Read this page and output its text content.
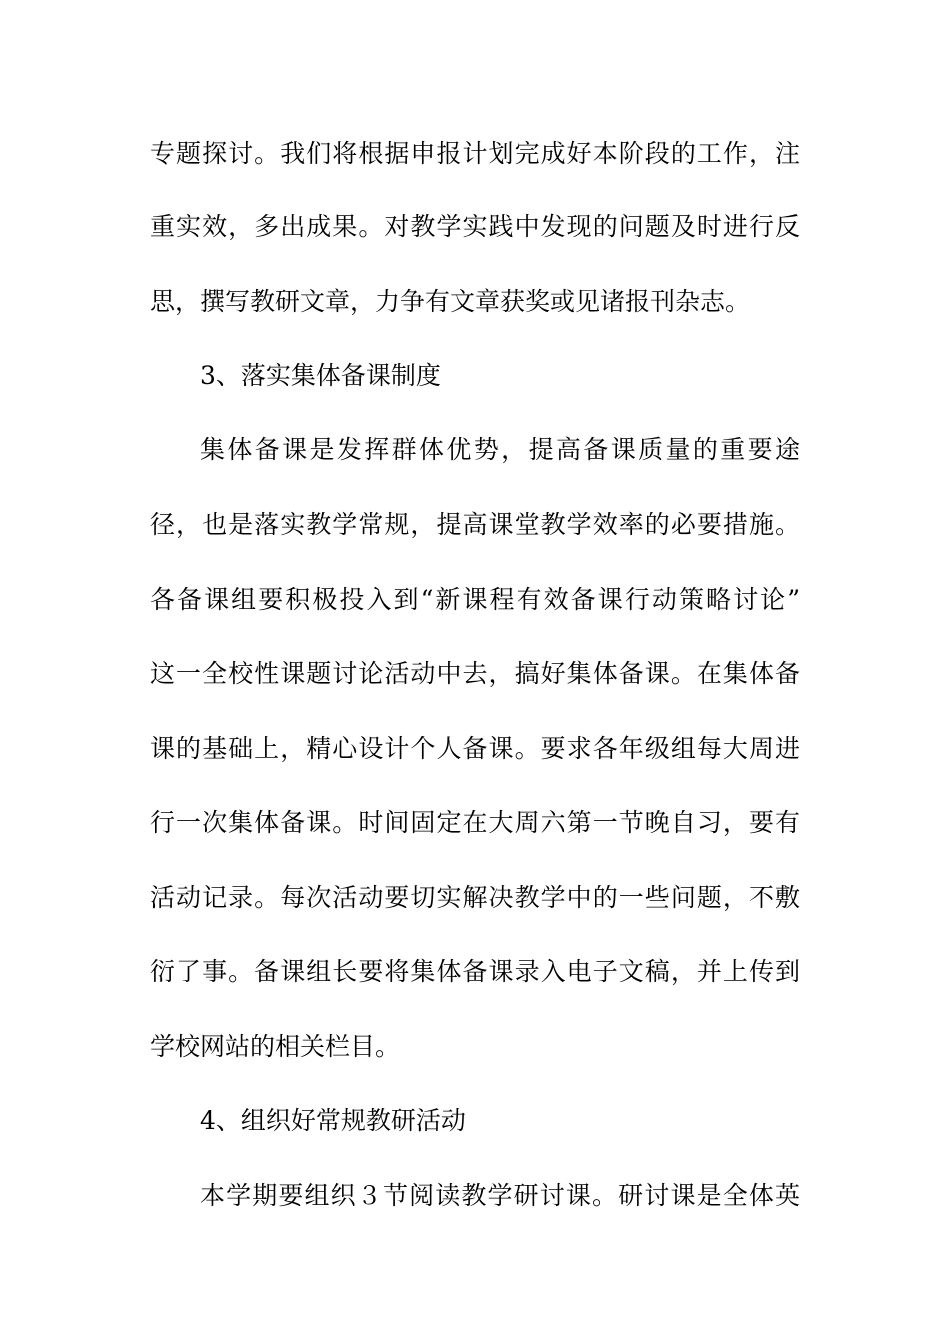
专题探讨。我们将根据申报计划完成好本阶段的工作，注
重实效，多出成果。对教学实践中发现的问题及时进行反
思，撰写教研文章，力争有文章获奖或见诸报刊杂志。
3、落实集体备课制度
集体备课是发挥群体优势，提高备课质量的重要途
径，也是落实教学常规，提高课堂教学效率的必要措施。
各备课组要积极投入到“新课程有效备课行动策略讨论”
这一全校性课题讨论活动中去，搞好集体备课。在集体备
课的基础上，精心设计个人备课。要求各年级组每大周进
行一次集体备课。时间固定在大周六第一节晚自习，要有
活动记录。每次活动要切实解决教学中的一些问题，不敷
衍了事。备课组长要将集体备课录入电子文稿，并上传到
学校网站的相关栏目。
4、组织好常规教研活动
本学期要组织３节阅读教学研讨课。研讨课是全体英
